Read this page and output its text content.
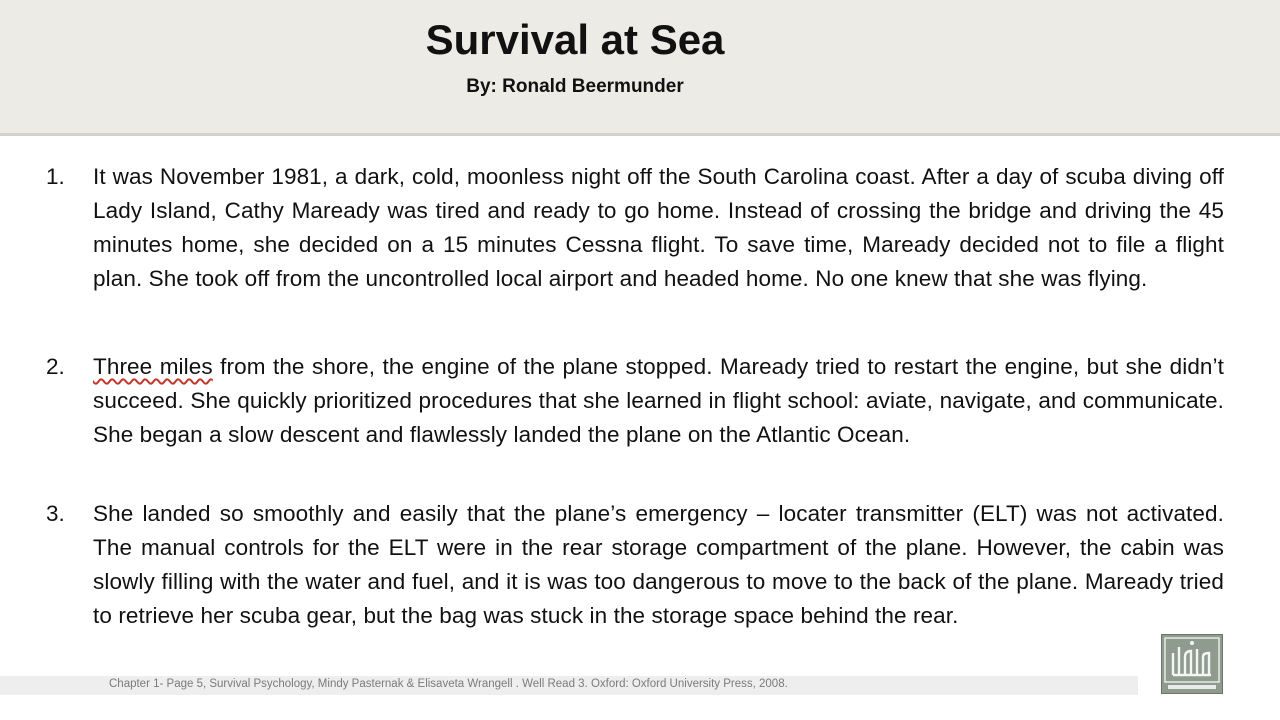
Survival at Sea
By: Ronald Beermunder
1. It was November 1981, a dark, cold, moonless night off the South Carolina coast. After a day of scuba diving off Lady Island, Cathy Maready was tired and ready to go home. Instead of crossing the bridge and driving the 45 minutes home, she decided on a 15 minutes Cessna flight. To save time, Maready decided not to file a flight plan. She took off from the uncontrolled local airport and headed home. No one knew that she was flying.
2. Three miles from the shore, the engine of the plane stopped. Maready tried to restart the engine, but she didn’t succeed. She quickly prioritized procedures that she learned in flight school: aviate, navigate, and communicate. She began a slow descent and flawlessly landed the plane on the Atlantic Ocean.
3. She landed so smoothly and easily that the plane’s emergency – locater transmitter (ELT) was not activated. The manual controls for the ELT were in the rear storage compartment of the plane. However, the cabin was slowly filling with the water and fuel, and it is was too dangerous to move to the back of the plane. Maready tried to retrieve her scuba gear, but the bag was stuck in the storage space behind the rear.
Chapter 1- Page 5, Survival Psychology, Mindy Pasternak & Elisaveta Wrangell . Well Read 3. Oxford: Oxford University Press, 2008.
